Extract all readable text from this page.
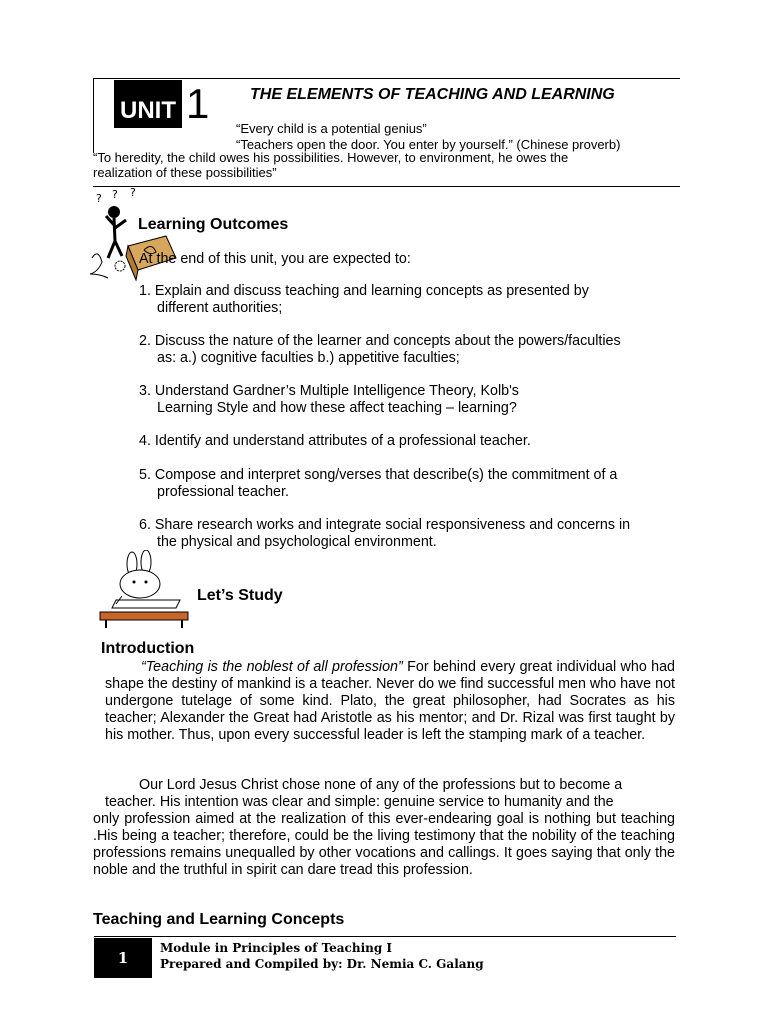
UNIT 1	THE ELEMENTS OF TEACHING AND LEARNING
“Every child is a potential genius”
“Teachers open the door. You enter by yourself.” (Chinese proverb)
“To heredity, the child owes his possibilities. However, to environment, he owes the
realization of these possibilities”
? ? ?
Learning Outcomes
At the end of this unit, you are expected to:
1. Explain and discuss teaching and learning concepts as presented by
different authorities;
2. Discuss the nature of the learner and concepts about the powers/faculties
as: a.) cognitive faculties b.) appetitive faculties;
3. Understand Gardner’s Multiple Intelligence Theory, Kolb's
Learning Style and how these affect teaching – learning?
4. Identify and understand attributes of a professional teacher.
5. Compose and interpret song/verses that describe(s) the commitment of a
professional teacher.
6. Share research works and integrate social responsiveness and concerns in
the physical and psychological environment.
Let’s Study
Introduction
“Teaching is the noblest of all profession” For behind every great individual who had shape the destiny of mankind is a teacher. Never do we find successful men who have not undergone tutelage of some kind. Plato, the great philosopher, had Socrates as his teacher; Alexander the Great had Aristotle as his mentor; and Dr. Rizal was first taught by his mother. Thus, upon every successful leader is left the stamping mark of a teacher.
Our Lord Jesus Christ chose none of any of the professions but to become a
teacher. His intention was clear and simple: genuine service to humanity and the
only profession aimed at the realization of this ever-endearing goal is nothing but teaching .His being a teacher; therefore, could be the living testimony that the nobility of the teaching professions remains unequalled by other vocations and callings. It goes saying that only the noble and the truthful in spirit can dare tread this profession.
Teaching and Learning Concepts
1
Module in Principles of Teaching I
Prepared and Compiled by: Dr. Nemia C. Galang
